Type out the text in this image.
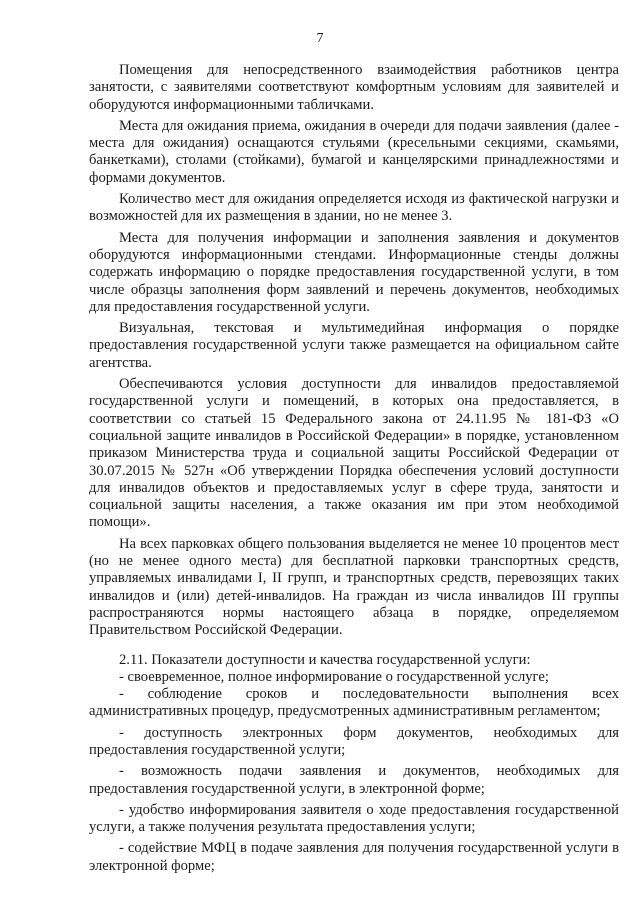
7

Помещения для непосредственного взаимодействия работников центра занятости, с заявителями соответствуют комфортным условиям для заявителей и оборудуются информационными табличками.

Места для ожидания приема, ожидания в очереди для подачи заявления (далее - места для ожидания) оснащаются стульями (кресельными секциями, скамьями, банкетками), столами (стойками), бумагой и канцелярскими принадлежностями и формами документов.

Количество мест для ожидания определяется исходя из фактической нагрузки и возможностей для их размещения в здании, но не менее 3.

Места для получения информации и заполнения заявления и документов оборудуются информационными стендами. Информационные стенды должны содержать информацию о порядке предоставления государственной услуги, в том числе образцы заполнения форм заявлений и перечень документов, необходимых для предоставления государственной услуги.

Визуальная, текстовая и мультимедийная информация о порядке предоставления государственной услуги также размещается на официальном сайте агентства.

Обеспечиваются условия доступности для инвалидов предоставляемой государственной услуги и помещений, в которых она предоставляется, в соответствии со статьей 15 Федерального закона от 24.11.95 № 181-ФЗ «О социальной защите инвалидов в Российской Федерации» в порядке, установленном приказом Министерства труда и социальной защиты Российской Федерации от 30.07.2015 № 527н «Об утверждении Порядка обеспечения условий доступности для инвалидов объектов и предоставляемых услуг в сфере труда, занятости и социальной защиты населения, а также оказания им при этом необходимой помощи».

На всех парковках общего пользования выделяется не менее 10 процентов мест (но не менее одного места) для бесплатной парковки транспортных средств, управляемых инвалидами I, II групп, и транспортных средств, перевозящих таких инвалидов и (или) детей-инвалидов. На граждан из числа инвалидов III группы распространяются нормы настоящего абзаца в порядке, определяемом Правительством Российской Федерации.

2.11. Показатели доступности и качества государственной услуги:

- своевременное, полное информирование о государственной услуге;

- соблюдение сроков и последовательности выполнения всех административных процедур, предусмотренных административным регламентом;

- доступность электронных форм документов, необходимых для предоставления государственной услуги;

- возможность подачи заявления и документов, необходимых для предоставления государственной услуги, в электронной форме;

- удобство информирования заявителя о ходе предоставления государственной услуги, а также получения результата предоставления услуги;

- содействие МФЦ в подаче заявления для получения государственной услуги в электронной форме;
